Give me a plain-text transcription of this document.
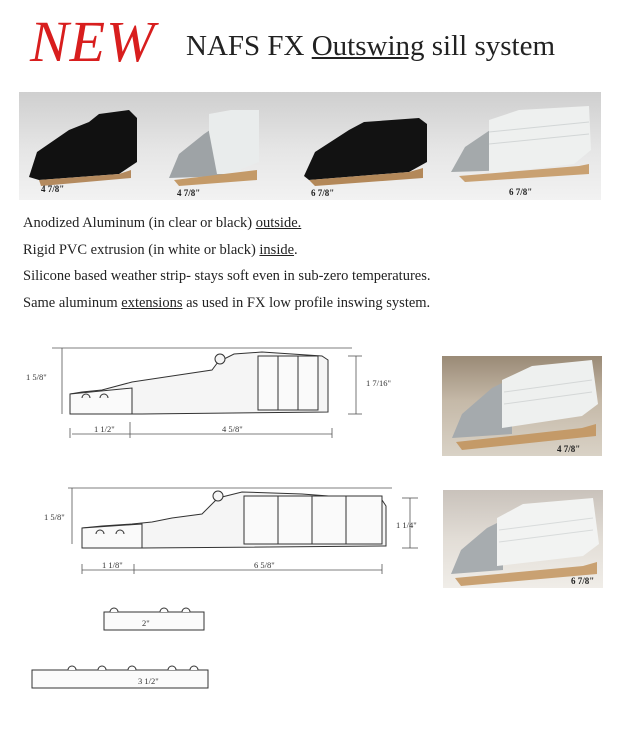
NEW NAFS FX Outswing sill system
4 7/8"	4 7/8"	6 7/8"	6 7/8"
Anodized Aluminum (in clear or black) outside.
Rigid PVC extrusion (in white or black) inside.
Silicone based weather strip- stays soft even in sub-zero temperatures.
Same aluminum extensions as used in FX low profile inswing system.
1 5/8"
1 7/16"
1 1/2"	4 5/8"
4 7/8"
1 5/8"
1 1/4"
1 1/8"	6 5/8"
6 7/8"
2"
3 1/2"
